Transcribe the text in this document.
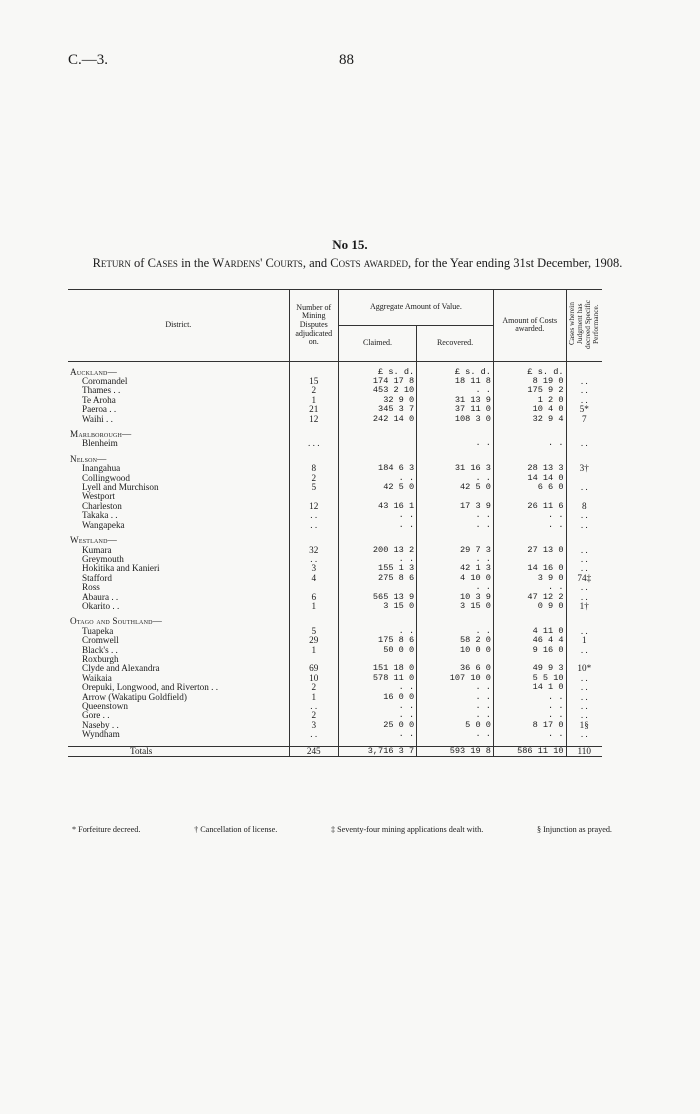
C.—3.	88
No 15.
Return of Cases in the Wardens' Courts, and Costs awarded, for the Year ending 31st December, 1908.
District.	Number of Mining Disputes adjudicated on.	Aggregate Amount of Value.		Amount of Costs awarded.	Cases wherein Judgment has decreed Specific Performance.
		Claimed.	Recovered.		

Auckland—		£ s. d.	£ s. d.	£ s. d.	
Coromandel	15	174 17 8	18 11 8	8 19 0	. .
Thames . .	2	453 2 10	. .	175 9 2	. .
Te Aroha	1	32 9 0	31 13 9	1 2 0	. .
Paeroa . .	21	345 3 7	37 11 0	10 4 0	5*
Waihi . .	12	242 14 0	108 3 0	32 9 4	7

Marlborough—					
Blenheim	. . .		. .	. .	. .

Nelson—					
Inangahua	8	184 6 3	31 16 3	28 13 3	3†
Collingwood	2	. .	. .	14 14 0	
Lyell and Murchison	5	42 5 0	42 5 0	6 6 0	. .
Westport					
Charleston	12	43 16 1	17 3 9	26 11 6	8
Takaka . .	. .	. .	. .	. .	. .
Wangapeka	. .	. .	. .	. .	. .

Westland—					
Kumara	32	200 13 2	29 7 3	27 13 0	. .
Greymouth	. .	. .	. .		. .
Hokitika and Kanieri	3	155 1 3	42 1 3	14 16 0	. .
Stafford	4	275 8 6	4 10 0	3 9 0	74‡
Ross			. .	. .	. .
Abaura . .	6	565 13 9	10 3 9	47 12 2	. .
Okarito . .	1	3 15 0	3 15 0	0 9 0	1†

Otago and Southland—					
Tuapeka	5	. .	. .	4 11 0	. .
Cromwell	29	175 8 6	58 2 0	46 4 4	1
Black's . .	1	50 0 0	10 0 0	9 16 0	. .
Roxburgh					
Clyde and Alexandra	69	151 18 0	36 6 0	49 9 3	10*
Waikaia	10	578 11 0	107 10 0	5 5 10	. .
Orepuki, Longwood, and Riverton . .	2	. .	. .	14 1 0	. .
Arrow (Wakatipu Goldfield)	1	16 0 0	. .	. .	. .
Queenstown	. .	. .	. .	. .	. .
Gore . .	2	. .	. .	. .	. .
Naseby . .	3	25 0 0	5 0 0	8 17 0	1§
Wyndham	. .	. .	. .	. .	. .

Totals	245	3,716 3 7	593 19 8	586 11 10	110
* Forfeiture decreed.	† Cancellation of license.	‡ Seventy-four mining applications dealt with.	§ Injunction as prayed.
